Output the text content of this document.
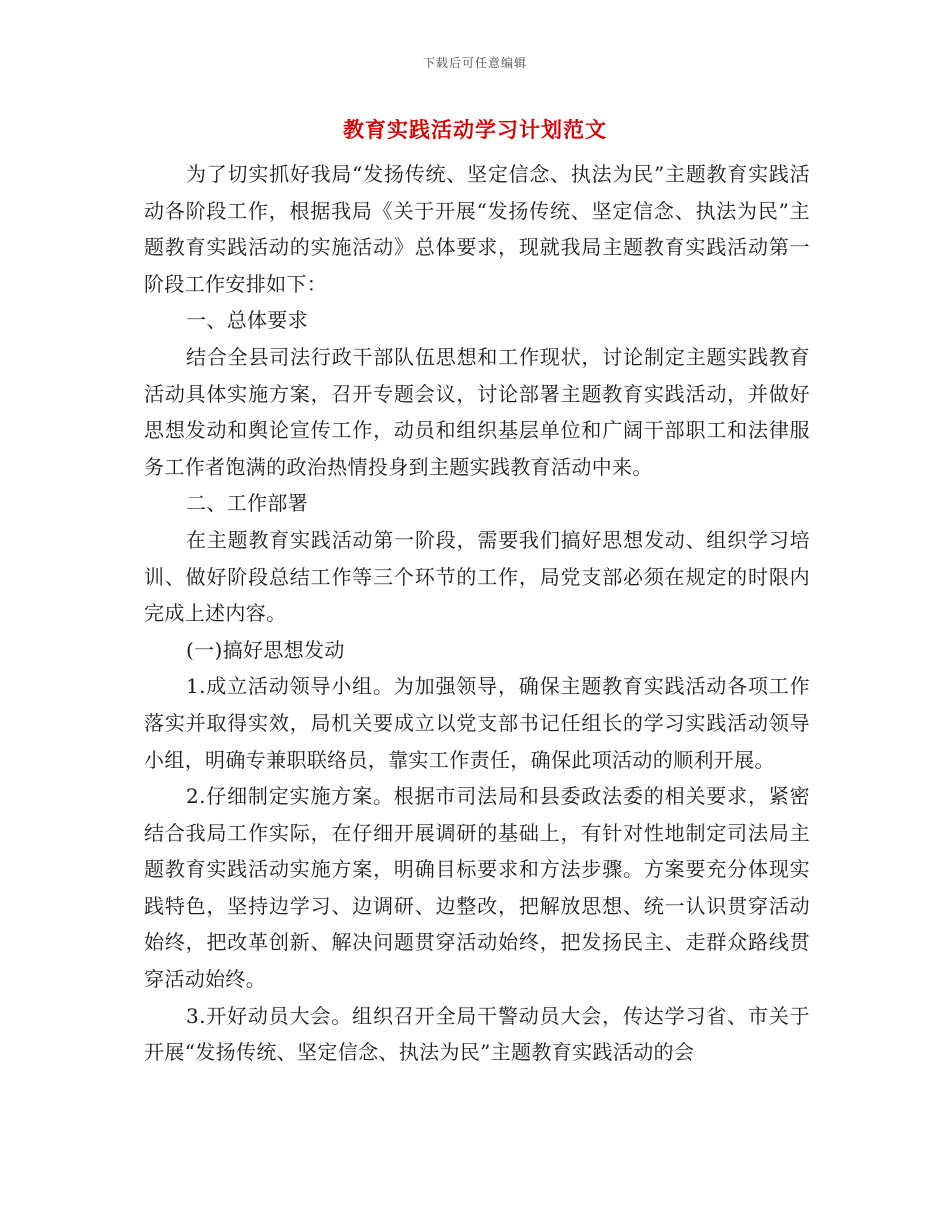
下载后可任意编辑
教育实践活动学习计划范文

为了切实抓好我局“发扬传统、坚定信念、执法为民”主题教育实践活动各阶段工作，根据我局《关于开展“发扬传统、坚定信念、执法为民”主题教育实践活动的实施活动》总体要求，现就我局主题教育实践活动第一阶段工作安排如下：

一、总体要求

结合全县司法行政干部队伍思想和工作现状，讨论制定主题实践教育活动具体实施方案，召开专题会议，讨论部署主题教育实践活动，并做好思想发动和舆论宣传工作，动员和组织基层单位和广阔干部职工和法律服务工作者饱满的政治热情投身到主题实践教育活动中来。

二、工作部署

在主题教育实践活动第一阶段，需要我们搞好思想发动、组织学习培训、做好阶段总结工作等三个环节的工作，局党支部必须在规定的时限内完成上述内容。

(一)搞好思想发动

1.成立活动领导小组。为加强领导，确保主题教育实践活动各项工作落实并取得实效，局机关要成立以党支部书记任组长的学习实践活动领导小组，明确专兼职联络员，靠实工作责任，确保此项活动的顺利开展。

2.仔细制定实施方案。根据市司法局和县委政法委的相关要求，紧密结合我局工作实际，在仔细开展调研的基础上，有针对性地制定司法局主题教育实践活动实施方案，明确目标要求和方法步骤。方案要充分体现实践特色，坚持边学习、边调研、边整改，把解放思想、统一认识贯穿活动始终，把改革创新、解决问题贯穿活动始终，把发扬民主、走群众路线贯穿活动始终。

3.开好动员大会。组织召开全局干警动员大会，传达学习省、市关于开展“发扬传统、坚定信念、执法为民”主题教育实践活动的会
